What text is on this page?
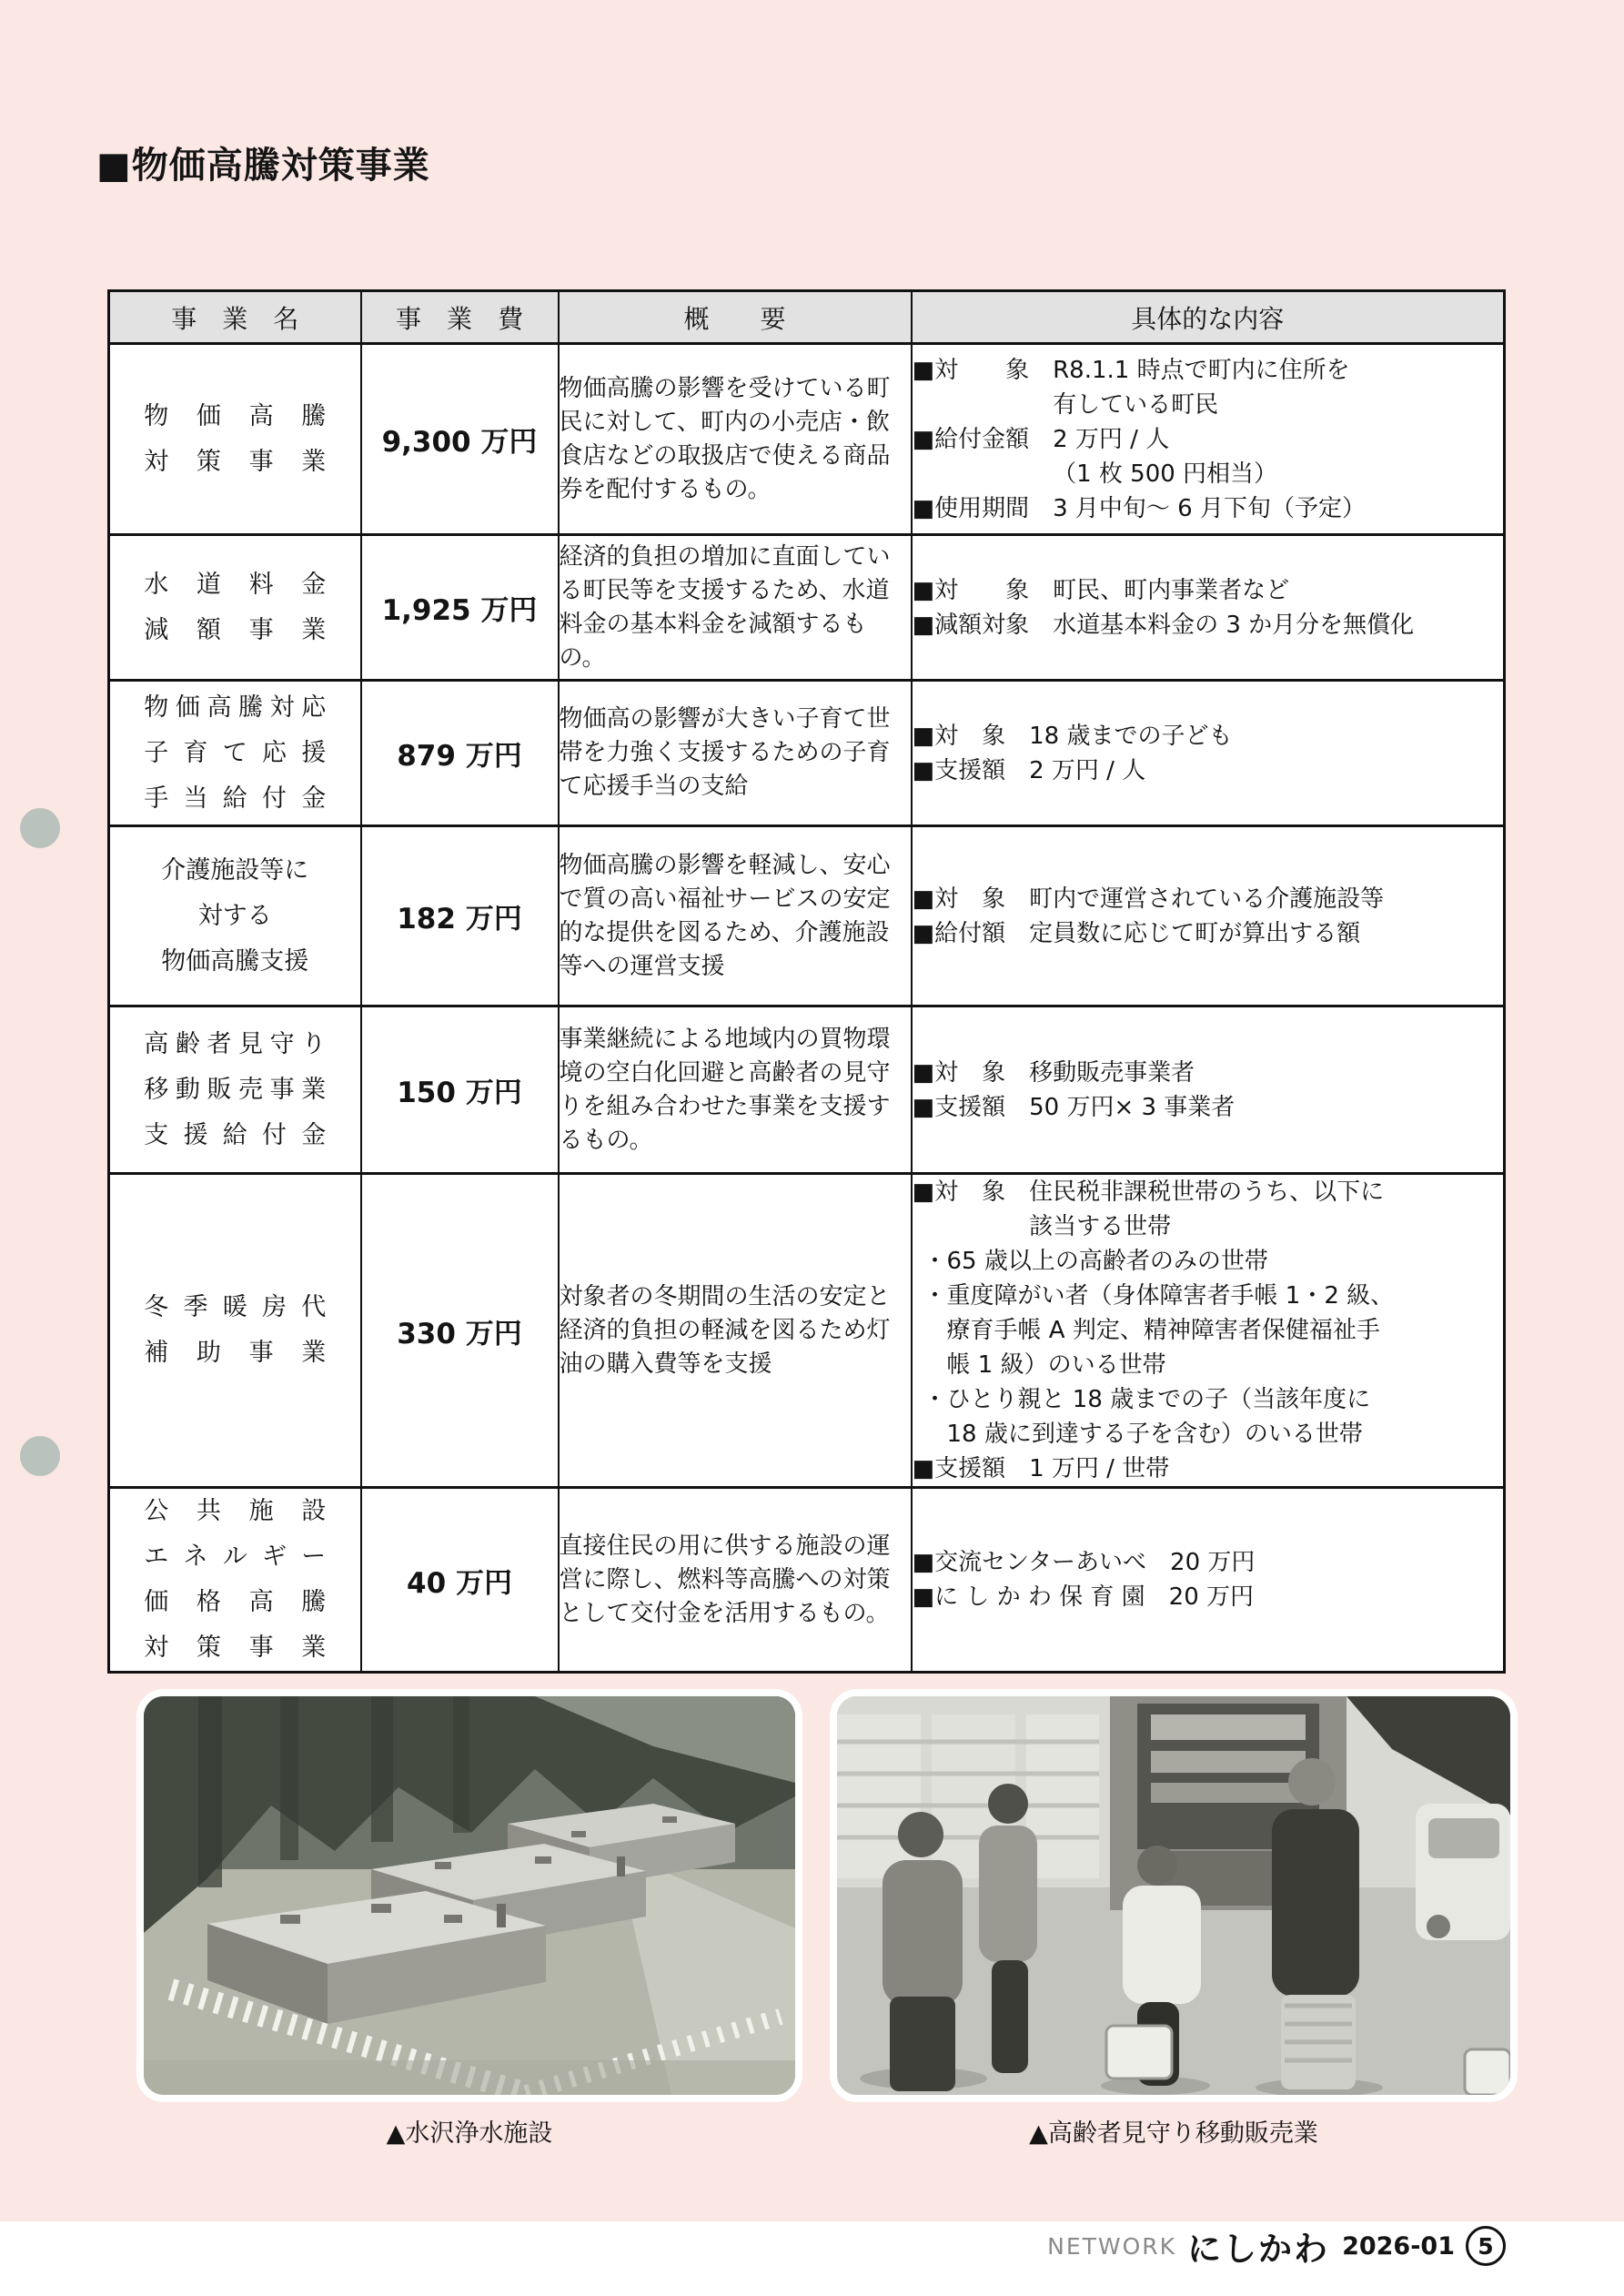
■物価高騰対策事業
事　業　名	事　業　費	概　　要	具体的な内容

物価高騰
対策事業
	9,300 万円	物価高騰の影響を受けている町民に対して、町内の小売店・飲食店などの取扱店で使える商品券を配付するもの。	
■ 対　　象 R8.1.1 時点で町内に住所を
有している町民
■ 給付金額 2 万円 / 人
（1 枚 500 円相当）
■ 使用期間 3 月中旬～ 6 月下旬（予定）

水道料金
減額事業
	1,925 万円	経済的負担の増加に直面している町民等を支援するため、水道料金の基本料金を減額するもの。	
■ 対　　象 町民、町内事業者など
■ 減額対象 水道基本料金の 3 か月分を無償化

物価高騰対応
子育て応援
手当給付金
	879 万円	物価高の影響が大きい子育て世帯を力強く支援するための子育て応援手当の支給	
■ 対　象 18 歳までの子ども
■ 支援額 2 万円 / 人

介護施設等に
対する
物価高騰支援
	182 万円	物価高騰の影響を軽減し、安心で質の高い福祉サービスの安定的な提供を図るため、介護施設等への運営支援	
■ 対　象 町内で運営されている介護施設等
■ 給付額 定員数に応じて町が算出する額

高齢者見守り
移動販売事業
支援給付金
	150 万円	事業継続による地域内の買物環境の空白化回避と高齢者の見守りを組み合わせた事業を支援するもの。	
■ 対　象 移動販売事業者
■ 支援額 50 万円× 3 事業者

冬季暖房代
補助事業
	330 万円	対象者の冬期間の生活の安定と経済的負担の軽減を図るため灯油の購入費等を支援	
■ 対　象 住民税非課税世帯のうち、以下に
該当する世帯
・ 65 歳以上の高齢者のみの世帯
・ 重度障がい者（身体障害者手帳 1・2 級、
療育手帳 A 判定、精神障害者保健福祉手
帳 1 級）のいる世帯
・ ひとり親と 18 歳までの子（当該年度に
18 歳に到達する子を含む）のいる世帯
■ 支援額 1 万円 / 世帯

公共施設
エネルギー
価格高騰
対策事業
	40 万円	直接住民の用に供する施設の運営に際し、燃料等高騰への対策として交付金を活用するもの。	
■ 交流センターあいべ 20 万円
■ に し か わ 保 育 園 20 万円
▲水沢浄水施設	▲高齢者見守り移動販売業
NETWORK にしかわ 2026-01 5
